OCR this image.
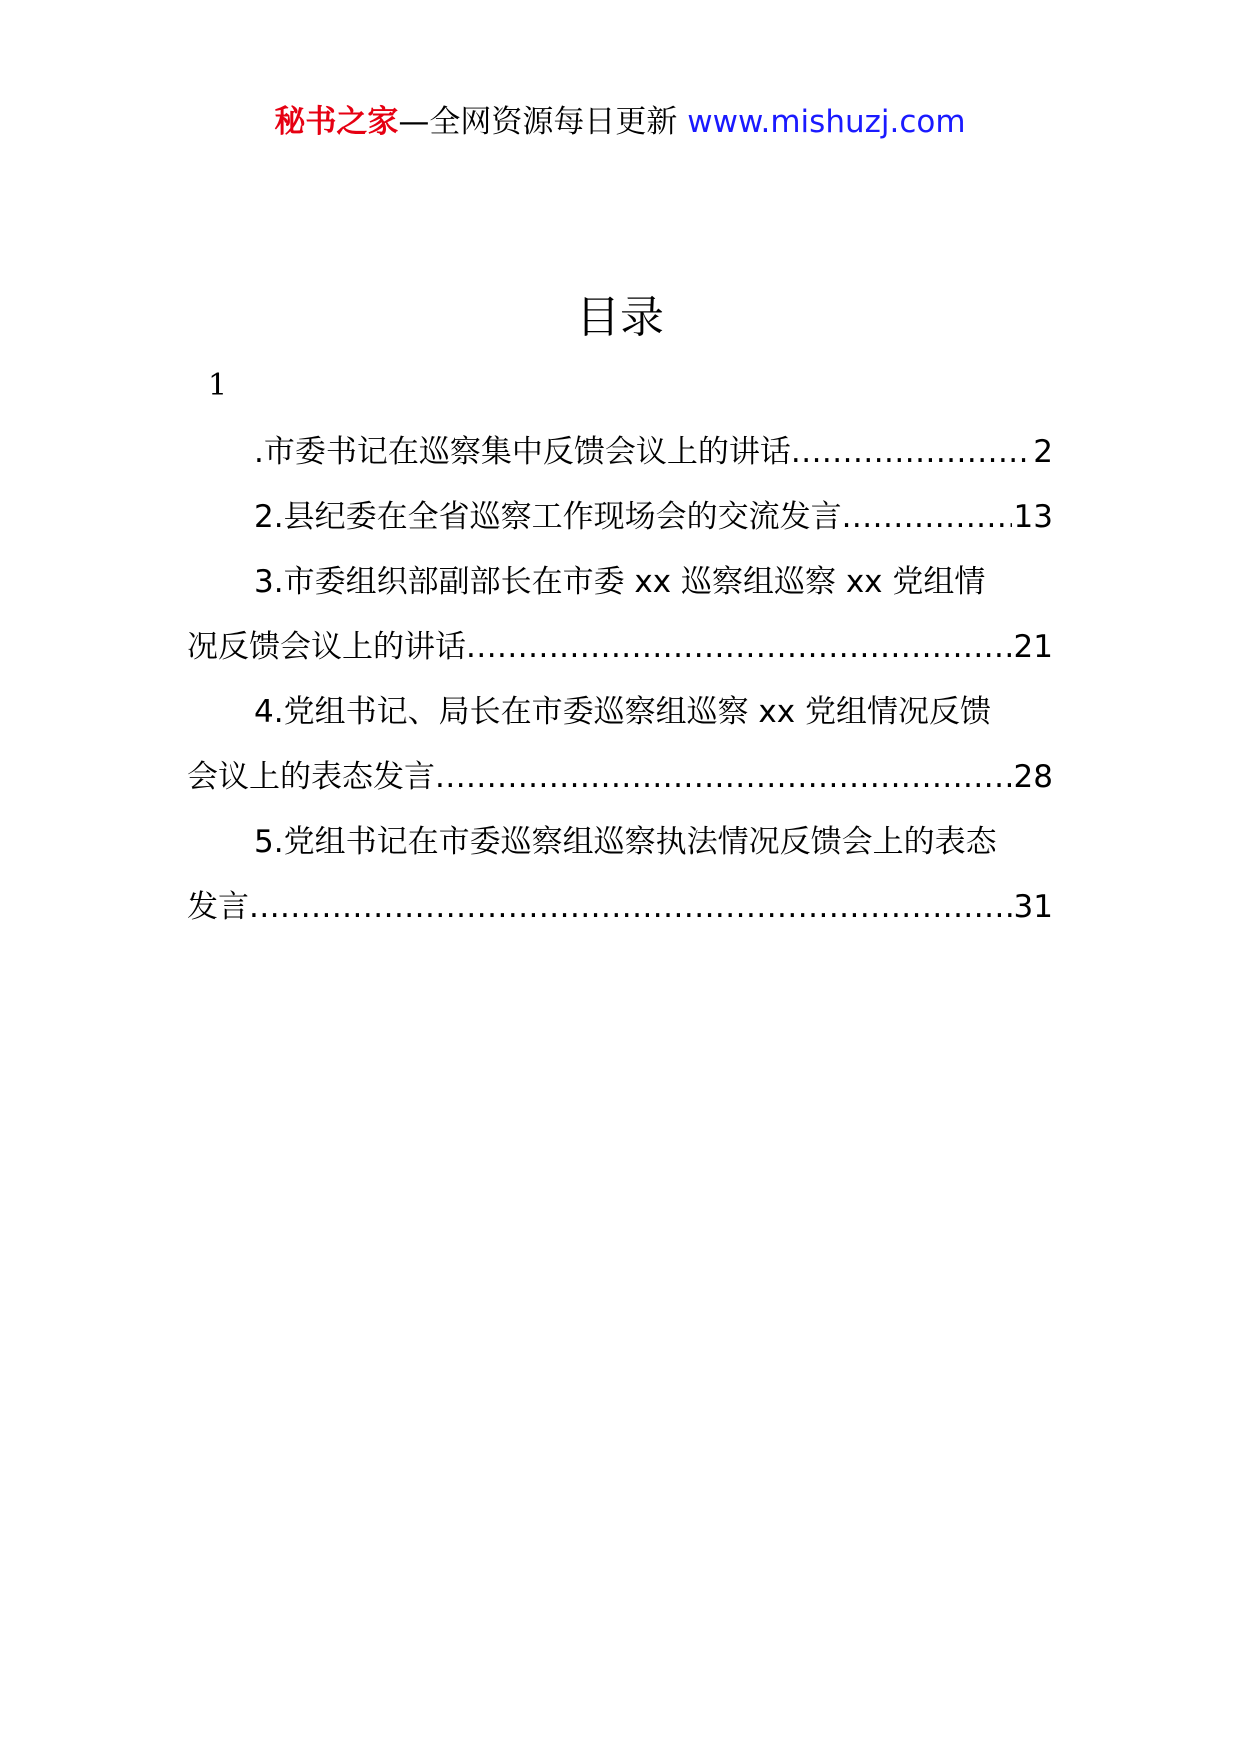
秘书之家—全网资源每日更新 www.mishuzj.com
目录
1
.市委书记在巡察集中反馈会议上的讲话 .....	2
2.县纪委在全省巡察工作现场会的交流发言 .....	13
3.市委组织部副部长在市委 xx 巡察组巡察 xx 党组情
况反馈会议上的讲话 .....	21
4.党组书记、局长在市委巡察组巡察 xx 党组情况反馈
会议上的表态发言 .....	28
5.党组书记在市委巡察组巡察执法情况反馈会上的表态
发言 .....	31
